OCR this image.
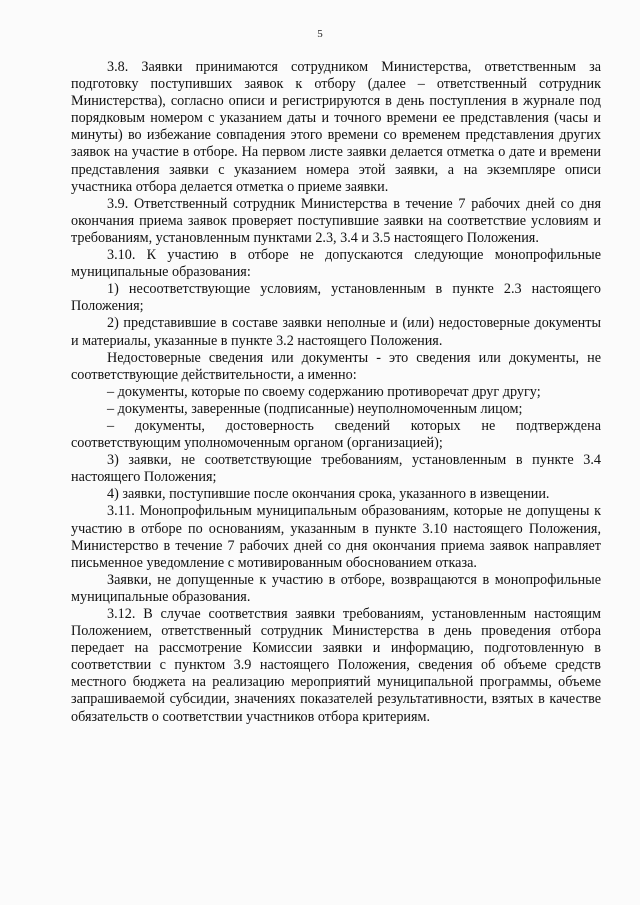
5

3.8. Заявки принимаются сотрудником Министерства, ответственным за подготовку поступивших заявок к отбору (далее – ответственный сотрудник Министерства), согласно описи и регистрируются в день поступления в журнале под порядковым номером с указанием даты и точного времени ее представления (часы и минуты) во избежание совпадения этого времени со временем представления других заявок на участие в отборе. На первом листе заявки делается отметка о дате и времени представления заявки с указанием номера этой заявки, а на экземпляре описи участника отбора делается отметка о приеме заявки.

3.9. Ответственный сотрудник Министерства в течение 7 рабочих дней со дня окончания приема заявок проверяет поступившие заявки на соответствие условиям и требованиям, установленным пунктами 2.3, 3.4 и 3.5 настоящего Положения.

3.10. К участию в отборе не допускаются следующие монопрофильные муниципальные образования:

1) несоответствующие условиям, установленным в пункте 2.3 настоящего Положения;

2) представившие в составе заявки неполные и (или) недостоверные документы и материалы, указанные в пункте 3.2 настоящего Положения.

Недостоверные сведения или документы - это сведения или документы, не соответствующие действительности, а именно:

– документы, которые по своему содержанию противоречат друг другу;

– документы, заверенные (подписанные) неуполномоченным лицом;

– документы, достоверность сведений которых не подтверждена соответствующим уполномоченным органом (организацией);

3) заявки, не соответствующие требованиям, установленным в пункте 3.4 настоящего Положения;

4) заявки, поступившие после окончания срока, указанного в извещении.

3.11. Монопрофильным муниципальным образованиям, которые не допущены к участию в отборе по основаниям, указанным в пункте 3.10 настоящего Положения, Министерство в течение 7 рабочих дней со дня окончания приема заявок направляет письменное уведомление с мотивированным обоснованием отказа.

Заявки, не допущенные к участию в отборе, возвращаются в монопрофильные муниципальные образования.

3.12. В случае соответствия заявки требованиям, установленным настоящим Положением, ответственный сотрудник Министерства в день проведения отбора передает на рассмотрение Комиссии заявки и информацию, подготовленную в соответствии с пунктом 3.9 настоящего Положения, сведения об объеме средств местного бюджета на реализацию мероприятий муниципальной программы, объеме запрашиваемой субсидии, значениях показателей результативности, взятых в качестве обязательств о соответствии участников отбора критериям.
